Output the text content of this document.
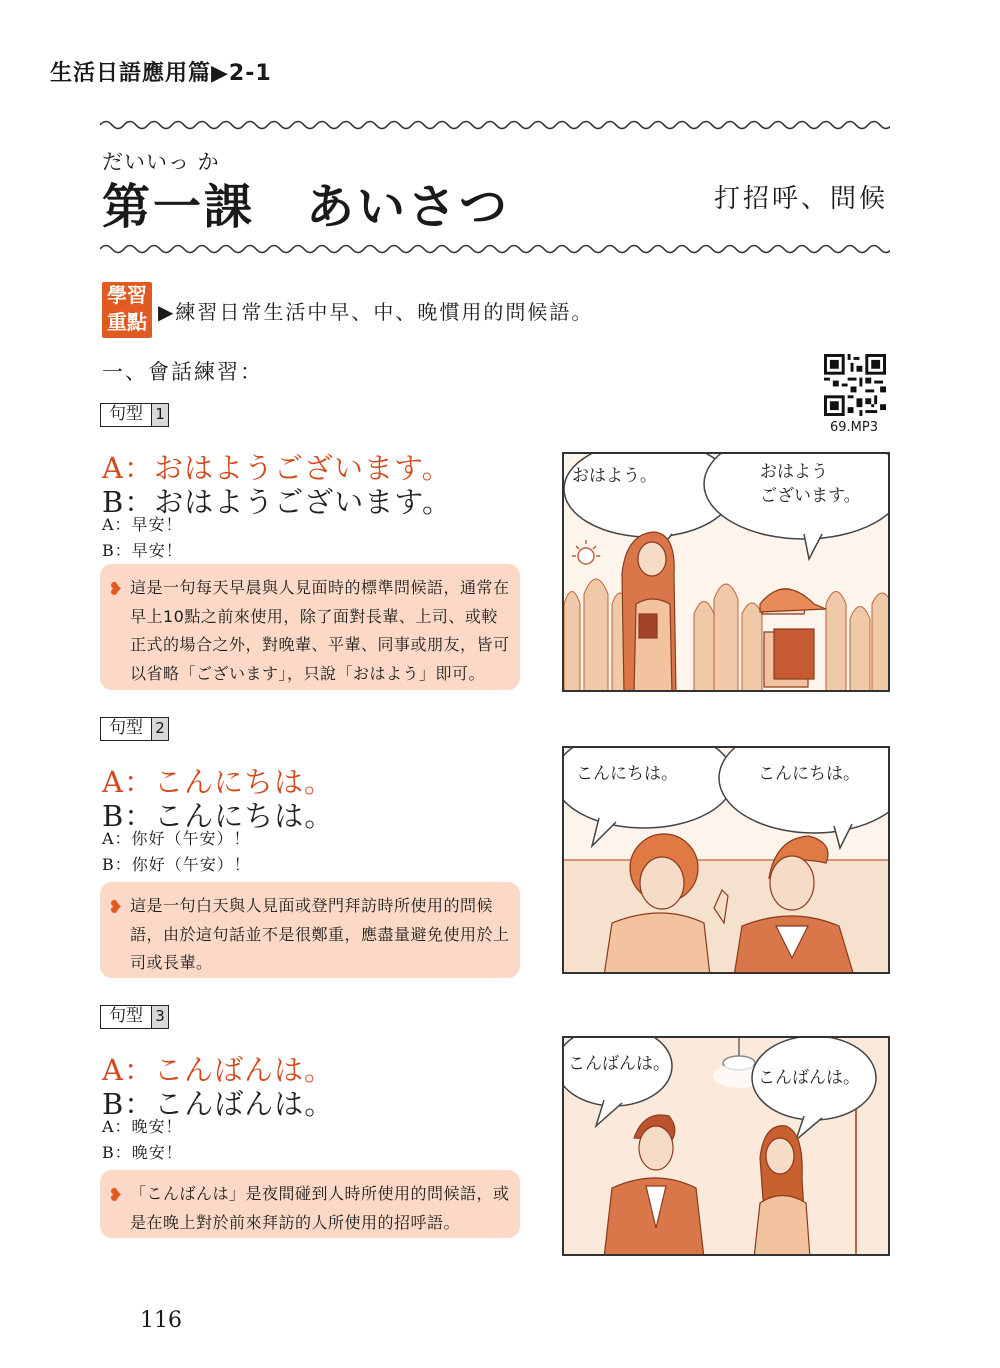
生活日語應用篇▶2-1
だいいっ か
第一課　あいさつ	打招呼、問候
學習
重點 ▶練習日常生活中早、中、晚慣用的問候語。
一、會話練習：
69.MP3
句型 1
A：おはようございます。
B：おはようございます。
A：早安！
B：早安！
❥ 這是一句每天早晨與人見面時的標準問候語，通常在早上10點之前來使用，除了面對長輩、上司、或較正式的場合之外，對晚輩、平輩、同事或朋友，皆可以省略「ございます」，只說「おはよう」即可。
おはよう。	おはよう
ございます。
句型 2
A：こんにちは。
B：こんにちは。
A：你好（午安）！
B：你好（午安）！
❥ 這是一句白天與人見面或登門拜訪時所使用的問候語，由於這句話並不是很鄭重，應盡量避免使用於上司或長輩。
こんにちは。	こんにちは。
句型 3
A：こんばんは。
B：こんばんは。
A：晚安！
B：晚安！
❥ 「こんばんは」是夜間碰到人時所使用的問候語，或是在晚上對於前來拜訪的人所使用的招呼語。
こんばんは。
こんばんは。
116
